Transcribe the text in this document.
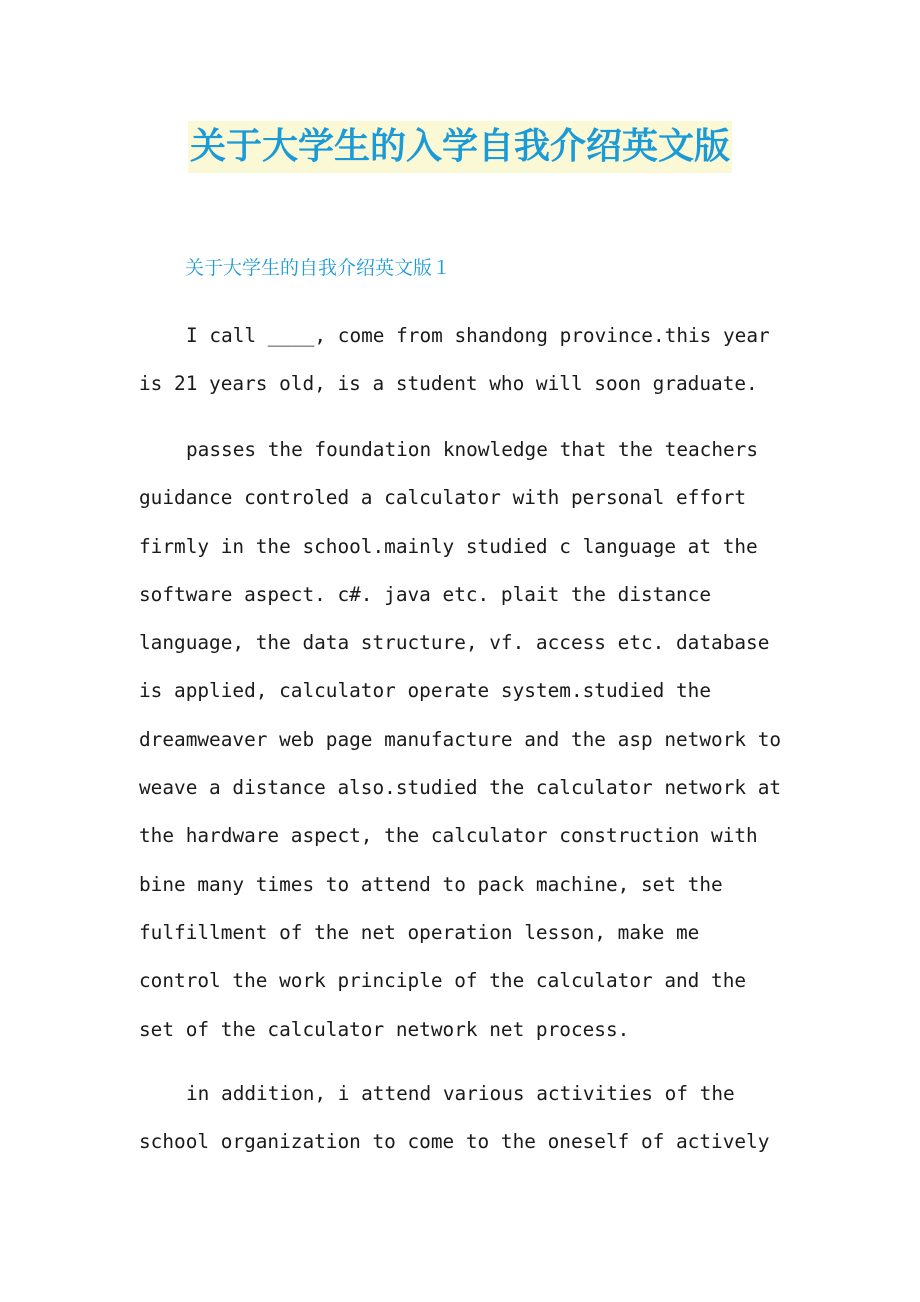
关于大学生的入学自我介绍英文版
关于大学生的自我介绍英文版１

I call ____, come from shandong province.this year
is 21 years old, is a student who will soon graduate.

passes the foundation knowledge that the teachers
guidance controled a calculator with personal effort
firmly in the school.mainly studied c language at the
software aspect. c#. java etc. plait the distance
language, the data structure, vf. access etc. database
is applied, calculator operate system.studied the
dreamweaver web page manufacture and the asp network to
weave a distance also.studied the calculator network at
the hardware aspect, the calculator construction with
bine many times to attend to pack machine, set the
fulfillment of the net operation lesson, make me
control the work principle of the calculator and the
set of the calculator network net process.

in addition, i attend various activities of the
school organization to come to the oneself of actively
